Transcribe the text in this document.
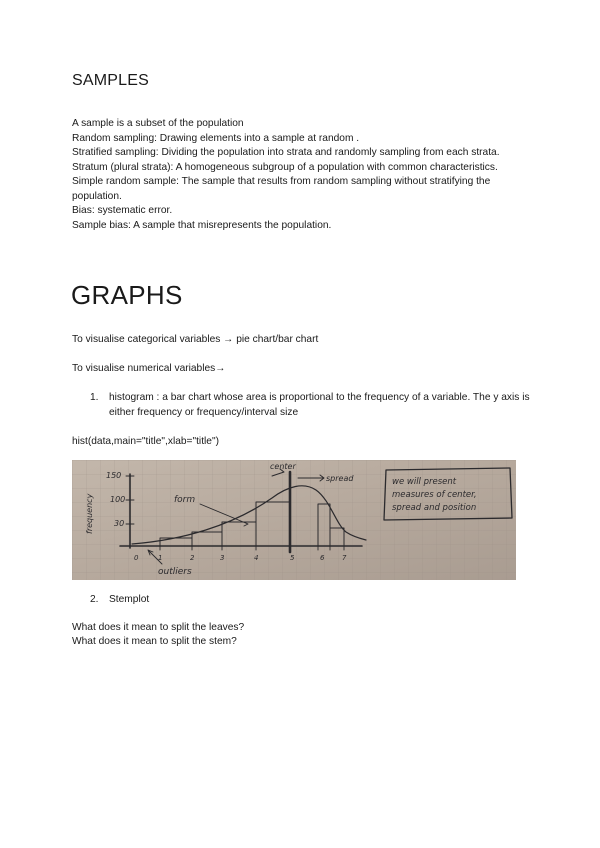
SAMPLES
A sample is a subset of the population
Random sampling: Drawing elements into a sample at random .
Stratified sampling: Dividing the population into strata and randomly sampling from each strata.
Stratum (plural strata): A homogeneous subgroup of a population with common characteristics.
Simple random sample: The sample that results from random sampling without stratifying the population.
Bias: systematic error.
Sample bias: A sample that misrepresents the population.
GRAPHS
To visualise categorical variables → pie chart/bar chart
To visualise numerical variables→
1. histogram : a bar chart whose area is proportional to the frequency of a variable. The y axis is either frequency or frequency/interval size
hist(data,main="title",xlab="title")
150
100
30
frequency
0	1	2	3	4	5	6	7
center
spread
form
outliers
we will present
measures of center,
spread and position
2. Stemplot
What does it mean to split the leaves?
What does it mean to split the stem?
